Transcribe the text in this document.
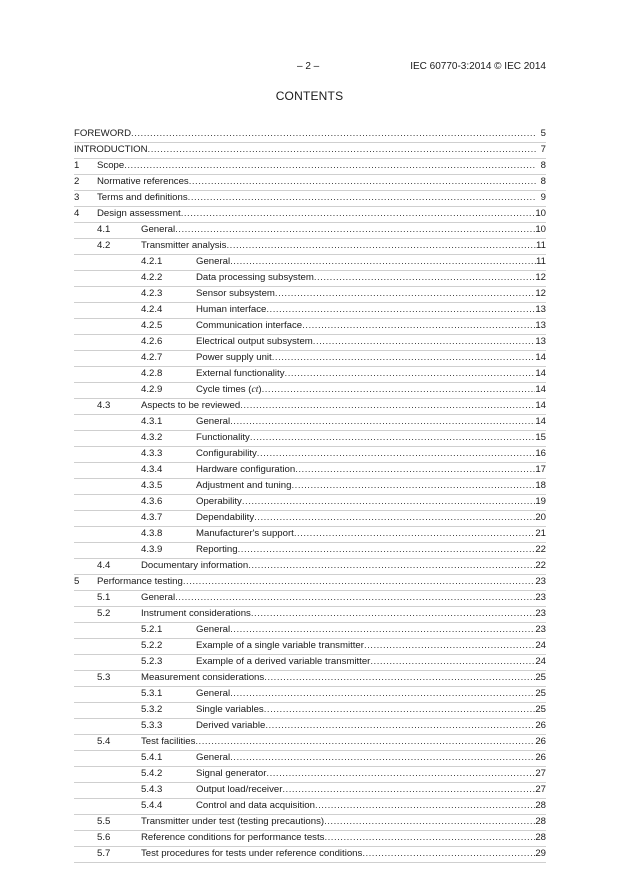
– 2 –	IEC 60770-3:2014 © IEC 2014
CONTENTS
FOREWORD .....	5
INTRODUCTION .....	7
1 Scope .....	8
2 Normative references .....	8
3 Terms and definitions .....	9
4 Design assessment .....	10
4.1	General .....	10
4.2	Transmitter analysis .....	11
4.2.1	General .....	11
4.2.2	Data processing subsystem .....	12
4.2.3	Sensor subsystem .....	12
4.2.4	Human interface .....	13
4.2.5	Communication interface .....	13
4.2.6	Electrical output subsystem .....	13
4.2.7	Power supply unit .....	14
4.2.8	External functionality .....	14
4.2.9	Cycle times (ct) .....	14
4.3	Aspects to be reviewed .....	14
4.3.1	General .....	14
4.3.2	Functionality .....	15
4.3.3	Configurability .....	16
4.3.4	Hardware configuration .....	17
4.3.5	Adjustment and tuning .....	18
4.3.6	Operability .....	19
4.3.7	Dependability .....	20
4.3.8	Manufacturer's support .....	21
4.3.9	Reporting .....	22
4.4	Documentary information .....	22
5 Performance testing .....	23
5.1	General .....	23
5.2	Instrument considerations .....	23
5.2.1	General .....	23
5.2.2	Example of a single variable transmitter .....	24
5.2.3	Example of a derived variable transmitter .....	24
5.3	Measurement considerations .....	25
5.3.1	General .....	25
5.3.2	Single variables .....	25
5.3.3	Derived variable .....	26
5.4	Test facilities .....	26
5.4.1	General .....	26
5.4.2	Signal generator .....	27
5.4.3	Output load/receiver .....	27
5.4.4	Control and data acquisition .....	28
5.5	Transmitter under test (testing precautions) .....	28
5.6	Reference conditions for performance tests .....	28
5.7	Test procedures for tests under reference conditions .....	29
